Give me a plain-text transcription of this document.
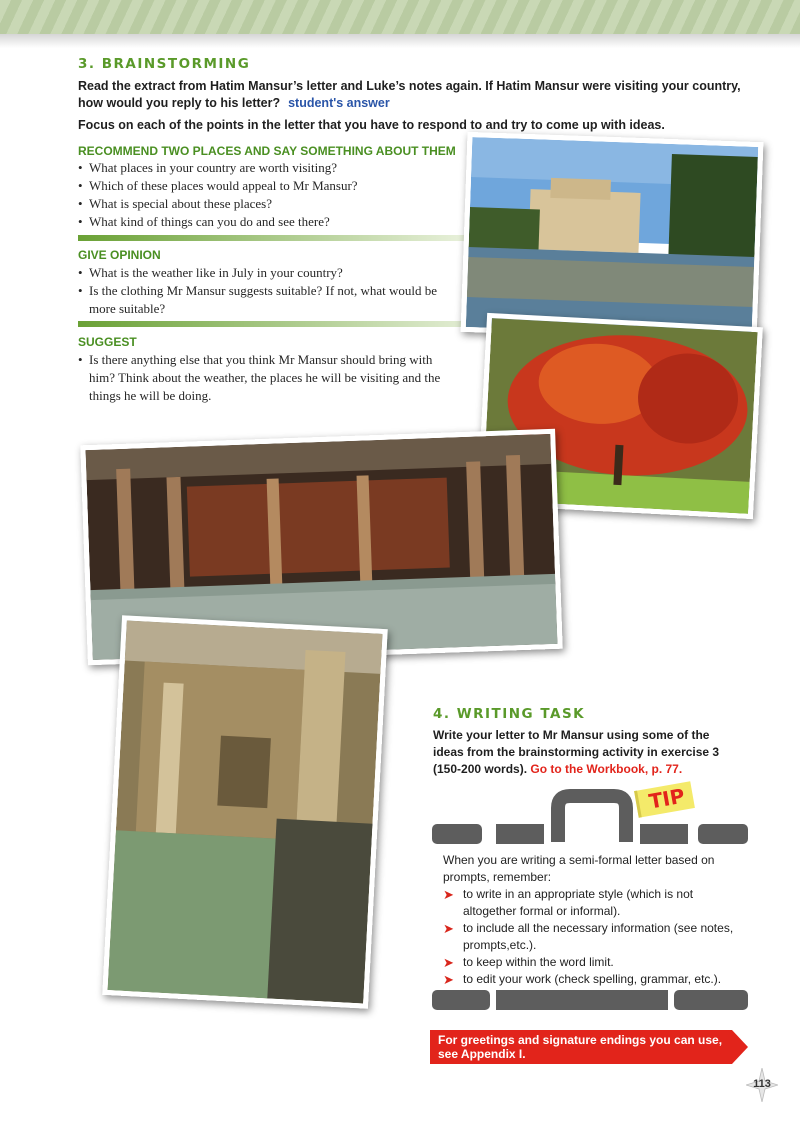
3. BRAINSTORMING
Read the extract from Hatim Mansur’s letter and Luke’s notes again. If Hatim Mansur were visiting your country, how would you reply to his letter? student's answer
Focus on each of the points in the letter that you have to respond to and try to come up with ideas.
RECOMMEND TWO PLACES AND SAY SOMETHING ABOUT THEM
• What places in your country are worth visiting?
• Which of these places would appeal to Mr Mansur?
• What is special about these places?
• What kind of things can you do and see there?
GIVE OPINION
• What is the weather like in July in your country?
• Is the clothing Mr Mansur suggests suitable? If not, what would be more suitable?
SUGGEST
• Is there anything else that you think Mr Mansur should bring with him? Think about the weather, the places he will be visiting and the things he will be doing.
4. WRITING TASK
Write your letter to Mr Mansur using some of the ideas from the brainstorming activity in exercise 3 (150-200 words). Go to the Workbook, p. 77.
TIP
When you are writing a semi-formal letter based on prompts, remember:
➤ to write in an appropriate style (which is not altogether formal or informal).
➤ to include all the necessary information (see notes, prompts,etc.).
➤ to keep within the word limit.
➤ to edit your work (check spelling, grammar, etc.).
For greetings and signature endings you can use, see Appendix I.
113
